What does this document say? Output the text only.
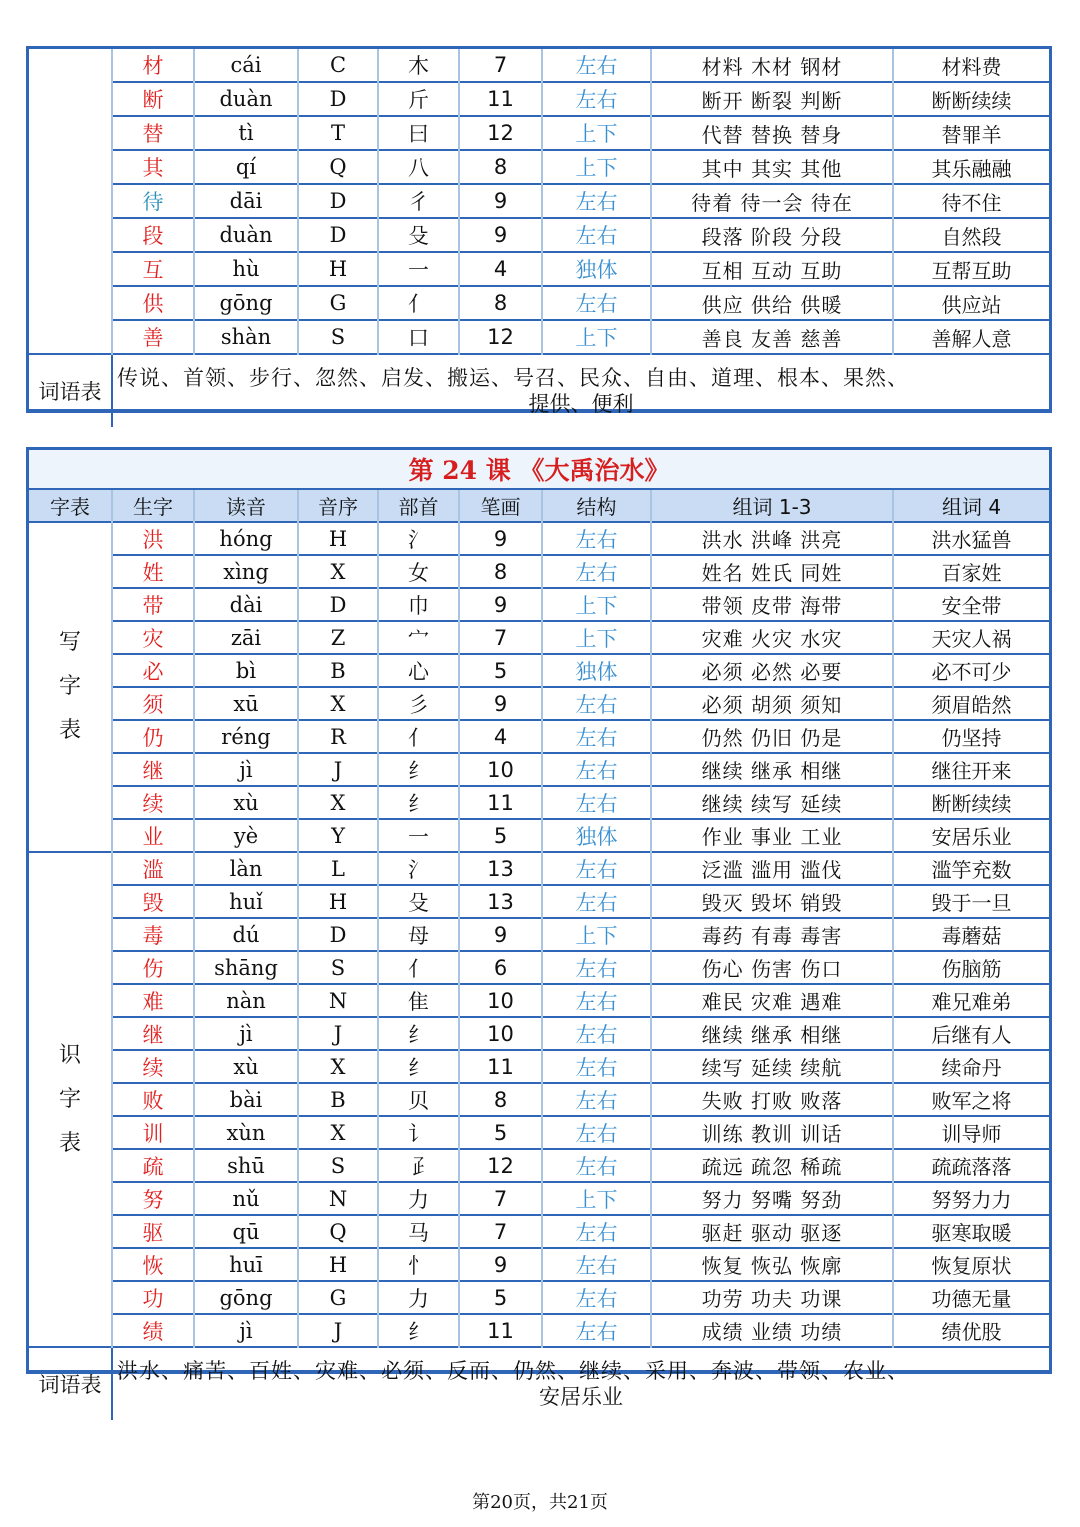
	材	cái	C	木	7	左右	材料 木材 钢材	材料费
	断	duàn	D	斤	11	左右	断开 断裂 判断	断断续续
	替	tì	T	曰	12	上下	代替 替换 替身	替罪羊
	其	qí	Q	八	8	上下	其中 其实 其他	其乐融融
	待	dāi	D	彳	9	左右	待着 待一会 待在	待不住
	段	duàn	D	殳	9	左右	段落 阶段 分段	自然段
	互	hù	H	一	4	独体	互相 互动 互助	互帮互助
	供	gōng	G	亻	8	左右	供应 供给 供暖	供应站
	善	shàn	S	口	12	上下	善良 友善 慈善	善解人意
词语表	传说、首领、步行、忽然、启发、搬运、号召、民众、自由、道理、根本、果然、
提供、便利							
第 24 课 《大禹治水》								
字表	生字	读音	音序	部首	笔画	结构	组词 1-3	组词 4

写
字
表	洪	hóng	H	氵	9	左右	洪水 洪峰 洪亮	洪水猛兽
	姓	xìng	X	女	8	左右	姓名 姓氏 同姓	百家姓
	带	dài	D	巾	9	上下	带领 皮带 海带	安全带
	灾	zāi	Z	宀	7	上下	灾难 火灾 水灾	天灾人祸
	必	bì	B	心	5	独体	必须 必然 必要	必不可少
	须	xū	X	彡	9	左右	必须 胡须 须知	须眉皓然
	仍	réng	R	亻	4	左右	仍然 仍旧 仍是	仍坚持
	继	jì	J	纟	10	左右	继续 继承 相继	继往开来
	续	xù	X	纟	11	左右	继续 续写 延续	断断续续
	业	yè	Y	一	5	独体	作业 事业 工业	安居乐业

识
字
表	滥	làn	L	氵	13	左右	泛滥 滥用 滥伐	滥竽充数
	毁	huǐ	H	殳	13	左右	毁灭 毁坏 销毁	毁于一旦
	毒	dú	D	母	9	上下	毒药 有毒 毒害	毒蘑菇
	伤	shāng	S	亻	6	左右	伤心 伤害 伤口	伤脑筋
	难	nàn	N	隹	10	左右	难民 灾难 遇难	难兄难弟
	继	jì	J	纟	10	左右	继续 继承 相继	后继有人
	续	xù	X	纟	11	左右	续写 延续 续航	续命丹
	败	bài	B	贝	8	左右	失败 打败 败落	败军之将
	训	xùn	X	讠	5	左右	训练 教训 训话	训导师
	疏	shū	S	𤴔	12	左右	疏远 疏忽 稀疏	疏疏落落
	努	nǔ	N	力	7	上下	努力 努嘴 努劲	努努力力
	驱	qū	Q	马	7	左右	驱赶 驱动 驱逐	驱寒取暖
	恢	huī	H	忄	9	左右	恢复 恢弘 恢廓	恢复原状
	功	gōng	G	力	5	左右	功劳 功夫 功课	功德无量
	绩	jì	J	纟	11	左右	成绩 业绩 功绩	绩优股
词语表	洪水、痛苦、百姓、灾难、必须、反而、仍然、继续、采用、奔波、带领、农业、
安居乐业							
第20页，共21页
